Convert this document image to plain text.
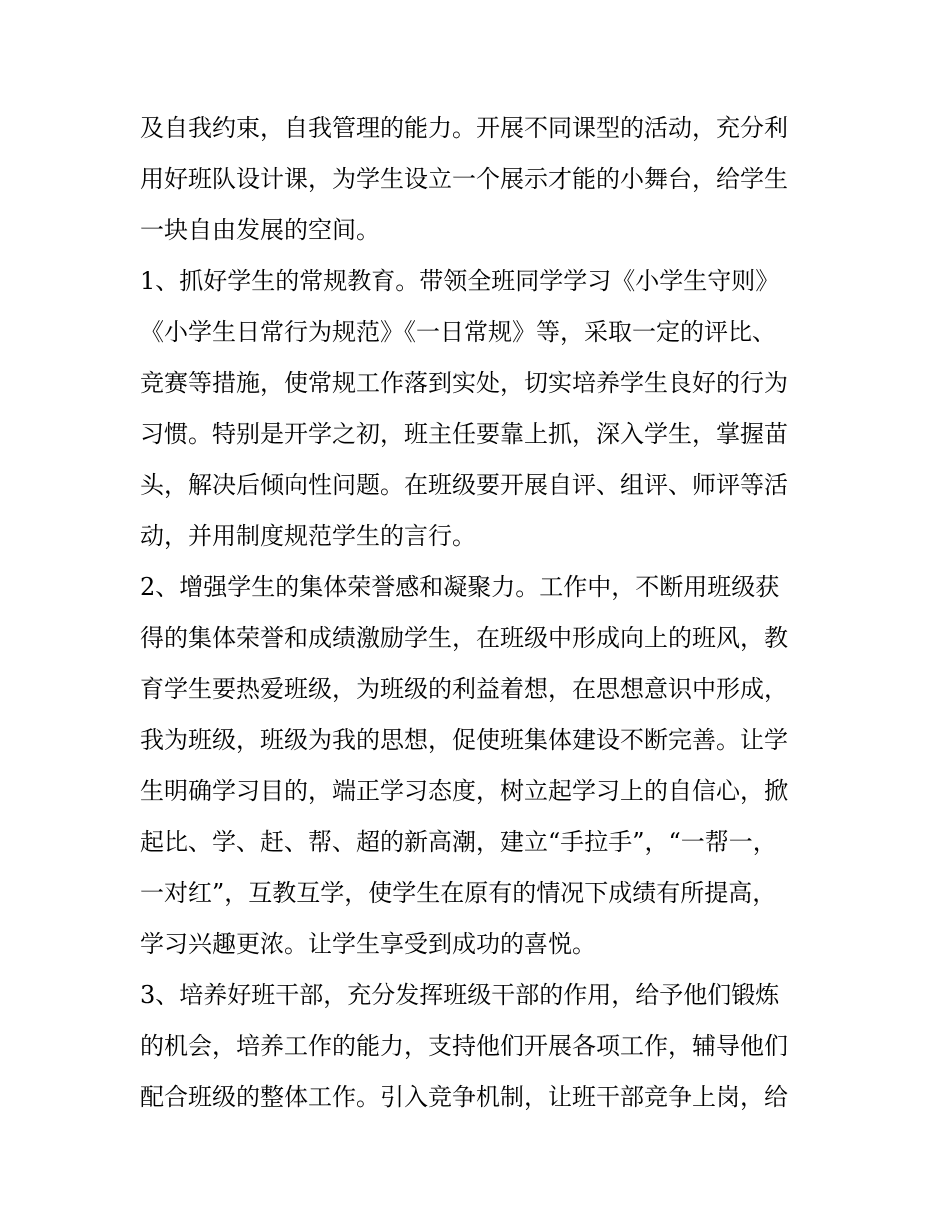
及自我约束，自我管理的能力。开展不同课型的活动，充分利
用好班队设计课，为学生设立一个展示才能的小舞台，给学生
一块自由发展的空间。
1、抓好学生的常规教育。带领全班同学学习《小学生守则》
《小学生日常行为规范》《一日常规》等，采取一定的评比、
竞赛等措施，使常规工作落到实处，切实培养学生良好的行为
习惯。特别是开学之初，班主任要靠上抓，深入学生，掌握苗
头，解决后倾向性问题。在班级要开展自评、组评、师评等活
动，并用制度规范学生的言行。
2、增强学生的集体荣誉感和凝聚力。工作中，不断用班级获
得的集体荣誉和成绩激励学生，在班级中形成向上的班风，教
育学生要热爱班级，为班级的利益着想，在思想意识中形成，
我为班级，班级为我的思想，促使班集体建设不断完善。让学
生明确学习目的，端正学习态度，树立起学习上的自信心，掀
起比、学、赶、帮、超的新高潮，建立“手拉手”，“一帮一，
一对红”，互教互学，使学生在原有的情况下成绩有所提高，
学习兴趣更浓。让学生享受到成功的喜悦。
3、培养好班干部，充分发挥班级干部的作用，给予他们锻炼
的机会，培养工作的能力，支持他们开展各项工作，辅导他们
配合班级的整体工作。引入竞争机制，让班干部竞争上岗，给
